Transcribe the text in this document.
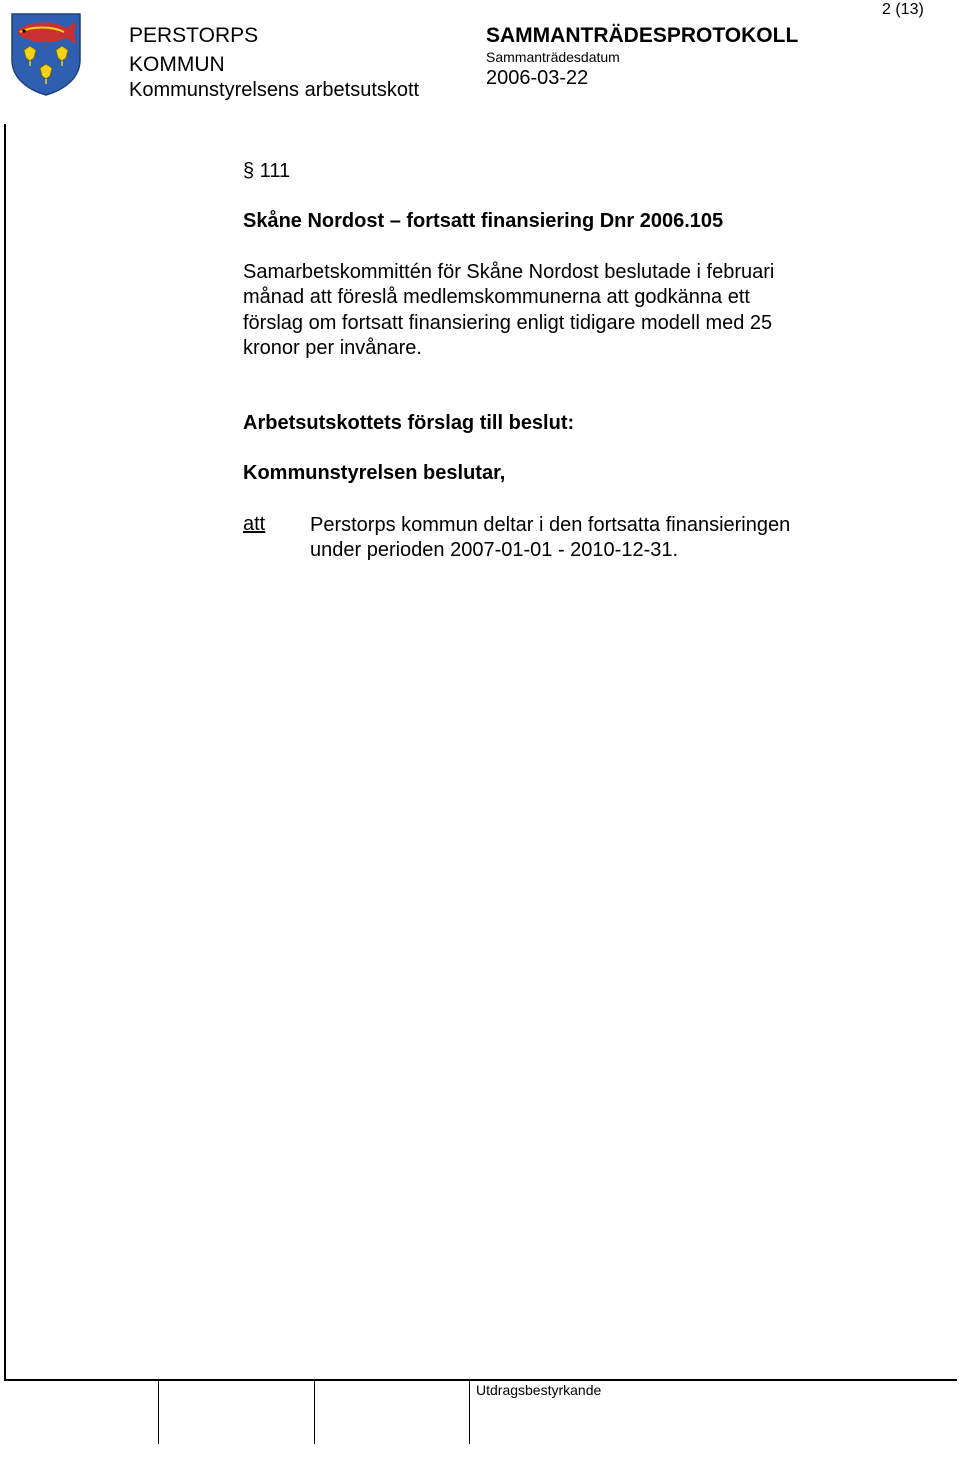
PERSTORPS
KOMMUN
Kommunstyrelsens arbetsutskott
SAMMANTRÄDESPROTOKOLL
Sammanträdesdatum
2006-03-22
2 (13)
§ 111
Skåne Nordost – fortsatt finansiering Dnr 2006.105
Samarbetskommittén för Skåne Nordost beslutade i februari
månad att föreslå medlemskommunerna att godkänna ett
förslag om fortsatt finansiering enligt tidigare modell med 25
kronor per invånare.
Arbetsutskottets förslag till beslut:
Kommunstyrelsen beslutar,
att Perstorps kommun deltar i den fortsatta finansieringen
under perioden 2007-01-01 - 2010-12-31.
Utdragsbestyrkande
